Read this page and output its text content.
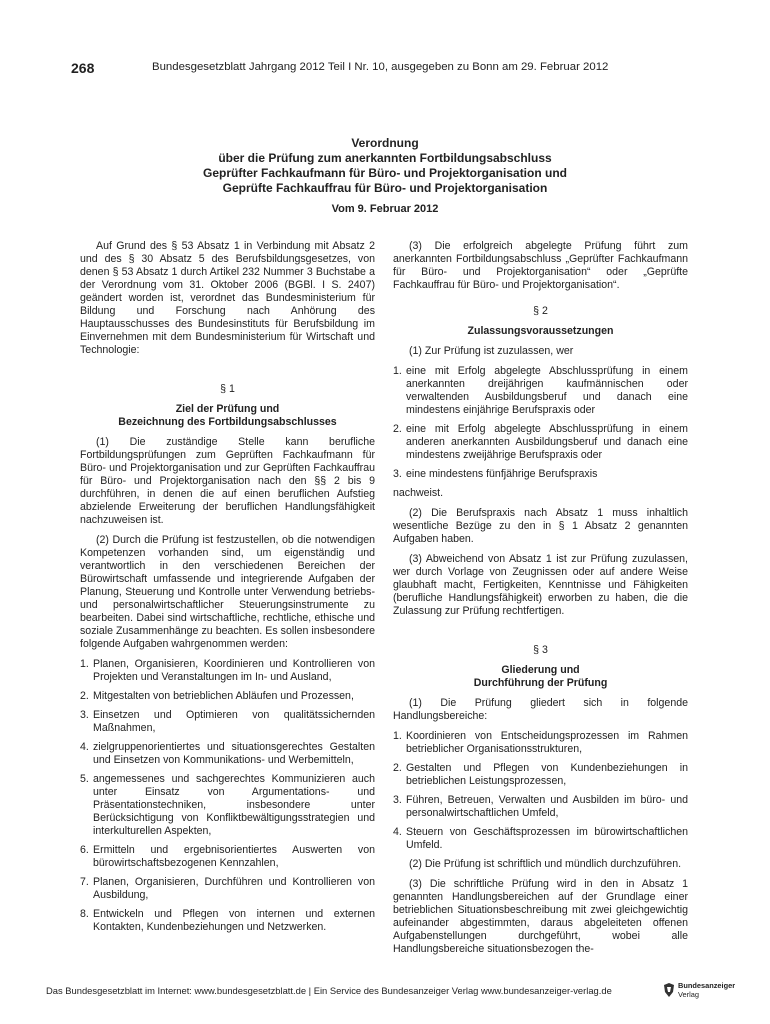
268	Bundesgesetzblatt Jahrgang 2012 Teil I Nr. 10, ausgegeben zu Bonn am 29. Februar 2012
Verordnung
über die Prüfung zum anerkannten Fortbildungsabschluss
Geprüfter Fachkaufmann für Büro- und Projektorganisation und
Geprüfte Fachkauffrau für Büro- und Projektorganisation
Vom 9. Februar 2012

Auf Grund des § 53 Absatz 1 in Verbindung mit Absatz 2 und des § 30 Absatz 5 des Berufsbildungsgesetzes, von denen § 53 Absatz 1 durch Artikel 232 Nummer 3 Buchstabe a der Verordnung vom 31. Oktober 2006 (BGBl. I S. 2407) geändert worden ist, verordnet das Bundesministerium für Bildung und Forschung nach Anhörung des Hauptausschusses des Bundesinstituts für Berufsbildung im Einvernehmen mit dem Bundesministerium für Wirtschaft und Technologie:

§ 1
Ziel der Prüfung und
Bezeichnung des Fortbildungsabschlusses

(1) Die zuständige Stelle kann berufliche Fortbildungsprüfungen zum Geprüften Fachkaufmann für Büro- und Projektorganisation und zur Geprüften Fachkauffrau für Büro- und Projektorganisation nach den §§ 2 bis 9 durchführen, in denen die auf einen beruflichen Aufstieg abzielende Erweiterung der beruflichen Handlungsfähigkeit nachzuweisen ist.

(2) Durch die Prüfung ist festzustellen, ob die notwendigen Kompetenzen vorhanden sind, um eigenständig und verantwortlich in den verschiedenen Bereichen der Bürowirtschaft umfassende und integrierende Aufgaben der Planung, Steuerung und Kontrolle unter Verwendung betriebs- und personalwirtschaftlicher Steuerungsinstrumente zu bearbeiten. Dabei sind wirtschaftliche, rechtliche, ethische und soziale Zusammenhänge zu beachten. Es sollen insbesondere folgende Aufgaben wahrgenommen werden:

1. Planen, Organisieren, Koordinieren und Kontrollieren von Projekten und Veranstaltungen im In- und Ausland,
2. Mitgestalten von betrieblichen Abläufen und Prozessen,
3. Einsetzen und Optimieren von qualitätssichernden Maßnahmen,
4. zielgruppenorientiertes und situationsgerechtes Gestalten und Einsetzen von Kommunikations- und Werbemitteln,
5. angemessenes und sachgerechtes Kommunizieren auch unter Einsatz von Argumentations- und Präsentationstechniken, insbesondere unter Berücksichtigung von Konfliktbewältigungsstrategien und interkulturellen Aspekten,
6. Ermitteln und ergebnisorientiertes Auswerten von bürowirtschaftsbezogenen Kennzahlen,
7. Planen, Organisieren, Durchführen und Kontrollieren von Ausbildung,
8. Entwickeln und Pflegen von internen und externen Kontakten, Kundenbeziehungen und Netzwerken.

(3) Die erfolgreich abgelegte Prüfung führt zum anerkannten Fortbildungsabschluss „Geprüfter Fachkaufmann für Büro- und Projektorganisation“ oder „Geprüfte Fachkauffrau für Büro- und Projektorganisation“.

§ 2
Zulassungsvoraussetzungen

(1) Zur Prüfung ist zuzulassen, wer

1. eine mit Erfolg abgelegte Abschlussprüfung in einem anerkannten dreijährigen kaufmännischen oder verwaltenden Ausbildungsberuf und danach eine mindestens einjährige Berufspraxis oder
2. eine mit Erfolg abgelegte Abschlussprüfung in einem anderen anerkannten Ausbildungsberuf und danach eine mindestens zweijährige Berufspraxis oder
3. eine mindestens fünfjährige Berufspraxis

nachweist.

(2) Die Berufspraxis nach Absatz 1 muss inhaltlich wesentliche Bezüge zu den in § 1 Absatz 2 genannten Aufgaben haben.

(3) Abweichend von Absatz 1 ist zur Prüfung zuzulassen, wer durch Vorlage von Zeugnissen oder auf andere Weise glaubhaft macht, Fertigkeiten, Kenntnisse und Fähigkeiten (berufliche Handlungsfähigkeit) erworben zu haben, die die Zulassung zur Prüfung rechtfertigen.

§ 3
Gliederung und
Durchführung der Prüfung

(1) Die Prüfung gliedert sich in folgende Handlungsbereiche:

1. Koordinieren von Entscheidungsprozessen im Rahmen betrieblicher Organisationsstrukturen,
2. Gestalten und Pflegen von Kundenbeziehungen in betrieblichen Leistungsprozessen,
3. Führen, Betreuen, Verwalten und Ausbilden im büro- und personalwirtschaftlichen Umfeld,
4. Steuern von Geschäftsprozessen im bürowirtschaftlichen Umfeld.

(2) Die Prüfung ist schriftlich und mündlich durchzuführen.

(3) Die schriftliche Prüfung wird in den in Absatz 1 genannten Handlungsbereichen auf der Grundlage einer betrieblichen Situationsbeschreibung mit zwei gleichgewichtig aufeinander abgestimmten, daraus abgeleiteten offenen Aufgabenstellungen durchgeführt, wobei alle Handlungsbereiche situationsbezogen the-

Das Bundesgesetzblatt im Internet: www.bundesgesetzblatt.de | Ein Service des Bundesanzeiger Verlag www.bundesanzeiger-verlag.de	Bundesanzeiger
Verlag
